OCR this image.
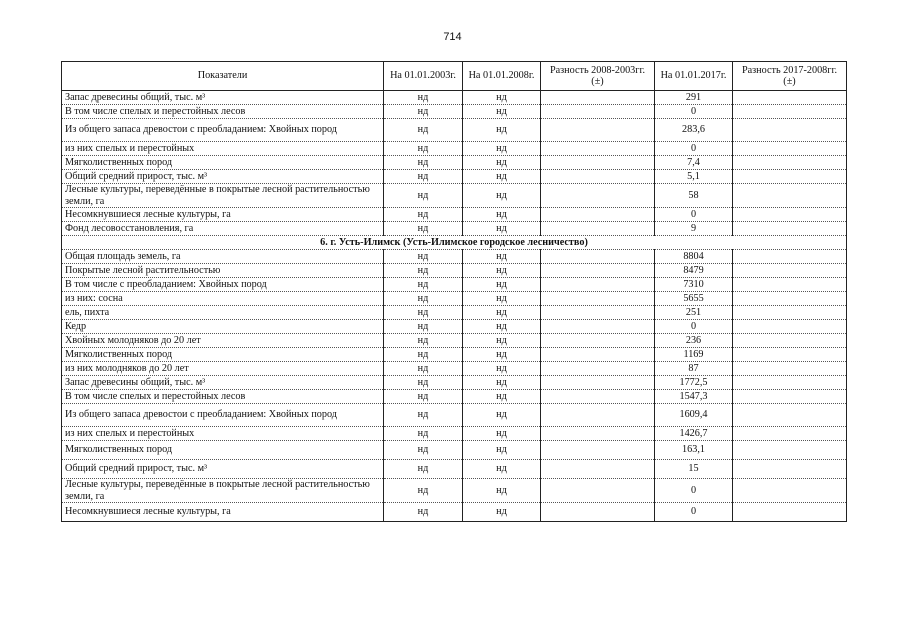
714
Показатели	На 01.01.2003г.	На 01.01.2008г.	Разность 2008-2003гг. (±)	На 01.01.2017г.	Разность 2017-2008гг. (±)
Запас древесины общий, тыс. м³	нд	нд		291	
В том числе спелых и перестойных лесов	нд	нд		0	
Из общего запаса древостои с преобладанием: Хвойных пород	нд	нд		283,6	
из них спелых и перестойных	нд	нд		0	
Мягколиственных пород	нд	нд		7,4	
Общий средний прирост, тыс. м³	нд	нд		5,1	
Лесные культуры, переведённые в покрытые лесной растительностью земли, га	нд	нд		58	
Несомкнувшиеся лесные культуры, га	нд	нд		0	
Фонд лесовосстановления, га	нд	нд		9	
6. г. Усть-Илимск (Усть-Илимское городское лесничество)					
Общая площадь земель, га	нд	нд		8804	
Покрытые лесной растительностью	нд	нд		8479	
В том числе с преобладанием: Хвойных пород	нд	нд		7310	
из них: сосна	нд	нд		5655	
ель, пихта	нд	нд		251	
Кедр	нд	нд		0	
Хвойных молодняков до 20 лет	нд	нд		236	
Мягколиственных пород	нд	нд		1169	
из них молодняков до 20 лет	нд	нд		87	
Запас древесины общий, тыс. м³	нд	нд		1772,5	
В том числе спелых и перестойных лесов	нд	нд		1547,3	
Из общего запаса древостои с преобладанием: Хвойных пород	нд	нд		1609,4	
из них спелых и перестойных	нд	нд		1426,7	
Мягколиственных пород	нд	нд		163,1	
Общий средний прирост, тыс. м³	нд	нд		15	
Лесные культуры, переведённые в покрытые лесной растительностью земли, га	нд	нд		0	
Несомкнувшиеся лесные культуры, га	нд	нд		0	
